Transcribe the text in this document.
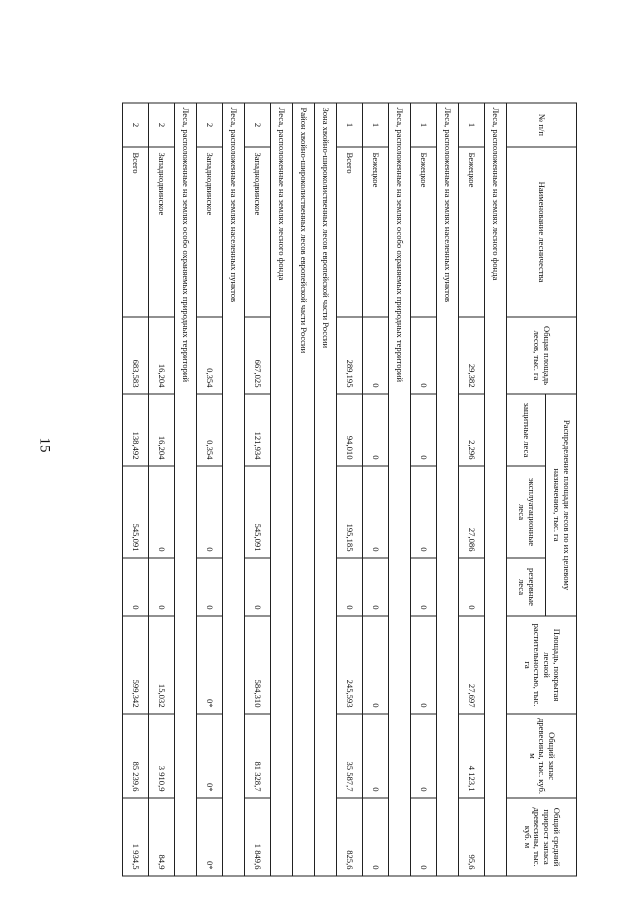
15
№ п/п	Наименование лесничества	Общая площадь лесов, тыс. га	Распределение площади лесов по их целевому назначению, тыс. га			Площадь, покрытая лесной растительностью, тыс. га	Общий запас древесины, тыс. куб. м	Общий средний прирост запаса древесины, тыс. куб. м
			защитные леса	эксплуатационные леса	резервные леса			
Леса, расположенные на землях лесного фонда								
1	Бежецкое	29,382	2,296	27,086	0	27,697	4 123,1	95,6
Леса, расположенные на землях населенных пунктов								
1	Бежецкое	0	0	0	0	0	0	0
Леса, расположенные на землях особо охраняемых природных территорий								
1	Бежецкое	0	0	0	0	0	0	0
1	Всего	289,195	94,010	195,185	0	245,593	35 587,7	825,6
Зона хвойно-широколиственных лесов европейской части России								
Район хвойно-широколиственных лесов европейской части России								
Леса, расположенные на землях лесного фонда								
2	Западнодвинское	667,025	121,934	545,091	0	584,310	81 328,7	1 849,6
Леса, расположенные на землях населенных пунктов								
2	Западнодвинское	0,354	0,354	0	0	0*	0*	0*
Леса, расположенные на землях особо охраняемых природных территорий								
2	Западнодвинское	16,204	16,204	0	0	15,032	3 910,9	84,9
2	Всего	683,583	138,492	545,091	0	599,342	85 239,6	1 934,5
